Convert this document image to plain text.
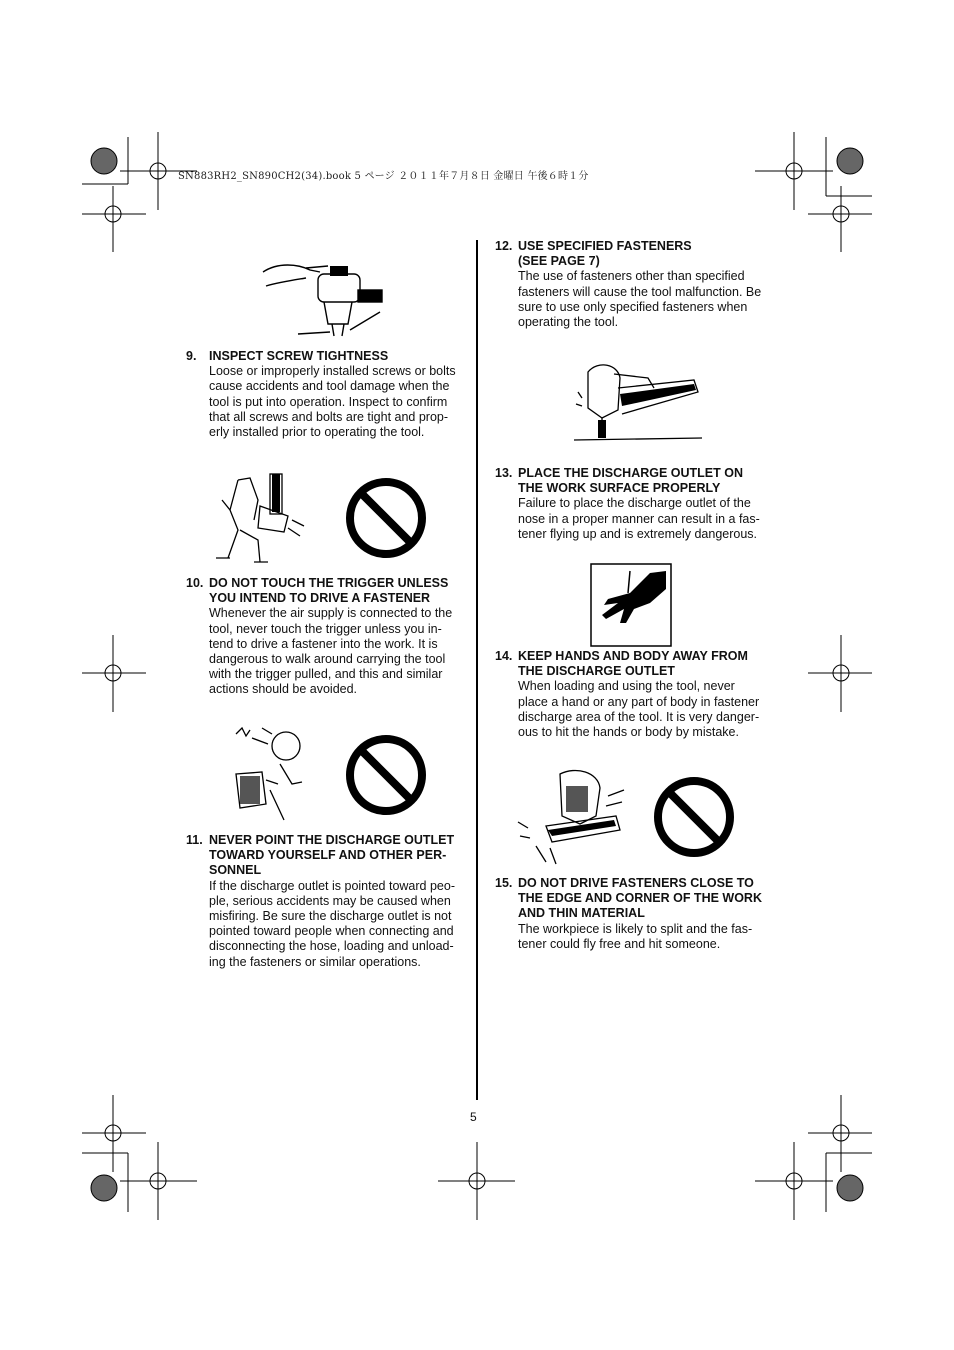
SN883RH2_SN890CH2(34).book 5 ページ ２０１１年７月８日 金曜日 午後６時１分
9.	INSPECT SCREW TIGHTNESS
Loose or improperly installed screws or bolts
cause accidents and tool damage when the
tool is put into operation. Inspect to confirm
that all screws and bolts are tight and prop-
erly installed prior to operating the tool.
10. DO NOT TOUCH THE TRIGGER UNLESS
YOU INTEND TO DRIVE A FASTENER
Whenever the air supply is connected to the
tool, never touch the trigger unless you in-
tend to drive a fastener into the work. It is
dangerous to walk around carrying the tool
with the trigger pulled, and this and similar
actions should be avoided.
11. NEVER POINT THE DISCHARGE OUTLET
TOWARD YOURSELF AND OTHER PER-
SONNEL
If the discharge outlet is pointed toward peo-
ple, serious accidents may be caused when
misfiring. Be sure the discharge outlet is not
pointed toward people when connecting and
disconnecting the hose, loading and unload-
ing the fasteners or similar operations.
12. USE SPECIFIED FASTENERS
(SEE PAGE 7)
The use of fasteners other than specified
fasteners will cause the tool malfunction. Be
sure to use only specified fasteners when
operating the tool.
13. PLACE THE DISCHARGE OUTLET ON
THE WORK SURFACE PROPERLY
Failure to place the discharge outlet of the
nose in a proper manner can result in a fas-
tener flying up and is extremely dangerous.
14. KEEP HANDS AND BODY AWAY FROM
THE DISCHARGE OUTLET
When loading and using the tool, never
place a hand or any part of body in fastener
discharge area of the tool. It is very danger-
ous to hit the hands or body by mistake.
15. DO NOT DRIVE FASTENERS CLOSE TO
THE EDGE AND CORNER OF THE WORK
AND THIN MATERIAL
The workpiece is likely to split and the fas-
tener could fly free and hit someone.
5
